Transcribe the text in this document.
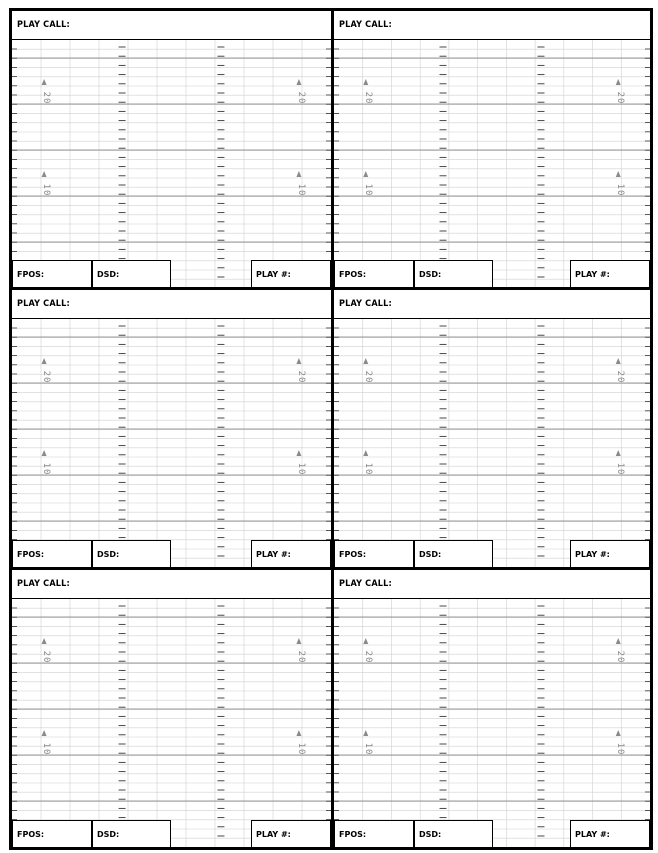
PLAY CALL:
20	20
10	10
FPOS:	DSD:	PLAY #:
PLAY CALL:
20	20
10	10
FPOS:	DSD:	PLAY #:
PLAY CALL:
20	20
10	10
FPOS:	DSD:	PLAY #:
PLAY CALL:
20	20
10	10
FPOS:	DSD:	PLAY #:
PLAY CALL:
20	20
10	10
FPOS:	DSD:	PLAY #:
PLAY CALL:
20	20
10	10
FPOS:	DSD:	PLAY #:
